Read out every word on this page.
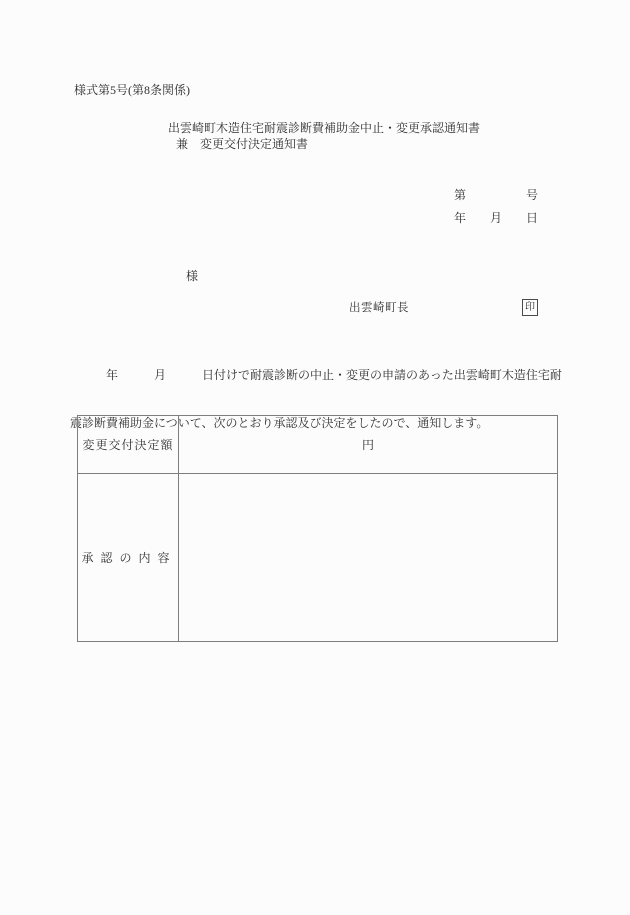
様式第5号(第8条関係)
出雲崎町木造住宅耐震診断費補助金中止・変更承認通知書
兼　変更交付決定通知書
第	号
年 月 日
様
出雲崎町長	印

　　　年　　　月　　　日付けで耐震診断の中止・変更の申請のあった出雲崎町木造住宅耐

震診断費補助金について、次のとおり承認及び決定をしたので、通知します。

変更交付決定額	円
承認の内容	
